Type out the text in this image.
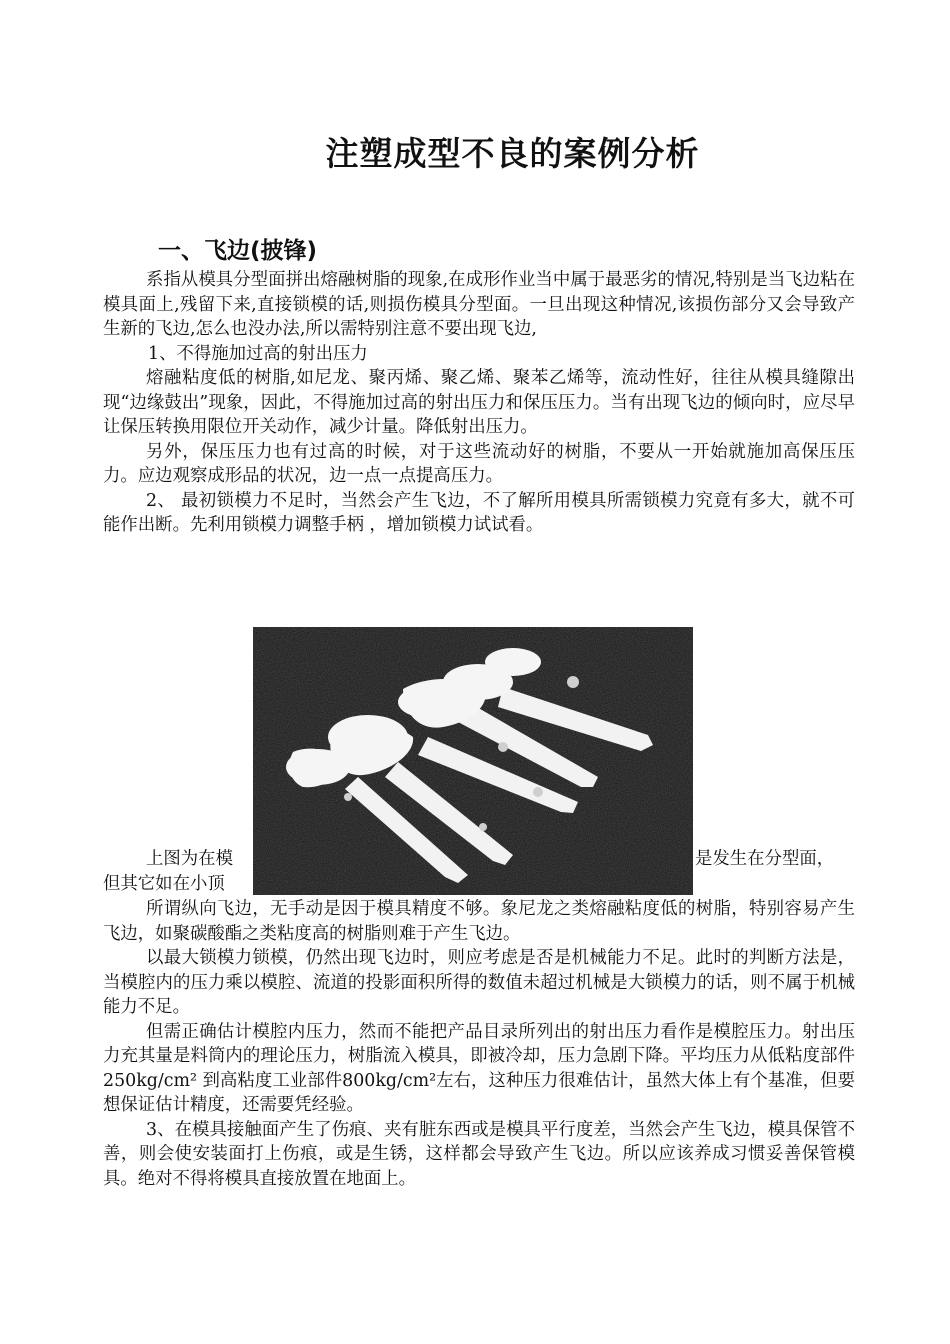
注塑成型不良的案例分析
一、飞边(披锋)

系指从模具分型面拼出熔融树脂的现象,在成形作业当中属于最恶劣的情况,特别是当飞边粘在模具面上,残留下来,直接锁模的话,则损伤模具分型面。一旦出现这种情况,该损伤部分又会导致产生新的飞边,怎么也没办法,所以需特别注意不要出现飞边,

1、不得施加过高的射出压力

熔融粘度低的树脂,如尼龙、聚丙烯、聚乙烯、聚苯乙烯等，流动性好，往往从模具缝隙出现“边缘鼓出”现象，因此，不得施加过高的射出压力和保压压力。当有出现飞边的倾向时，应尽早让保压转换用限位开关动作，减少计量。降低射出压力。

另外，保压压力也有过高的时候，对于这些流动好的树脂，不要从一开始就施加高保压压力。应边观察成形品的状况，边一点一点提高压力。

2、 最初锁模力不足时，当然会产生飞边，不了解所用模具所需锁模力究竟有多大，就不可能作出断。先利用锁模力调整手柄 ，增加锁模力试试看。

上图为在模	是发生在分型面，
但其它如在小顶

所谓纵向飞边，无手动是因于模具精度不够。象尼龙之类熔融粘度低的树脂，特别容易产生飞边，如聚碳酸酯之类粘度高的树脂则难于产生飞边。

以最大锁模力锁模，仍然出现飞边时，则应考虑是否是机械能力不足。此时的判断方法是，当模腔内的压力乘以模腔、流道的投影面积所得的数值未超过机械是大锁模力的话，则不属于机械能力不足。

但需正确估计模腔内压力，然而不能把产品目录所列出的射出压力看作是模腔压力。射出压力充其量是料筒内的理论压力，树脂流入模具，即被冷却，压力急剧下降。平均压力从低粘度部件 250kg/cm² 到高粘度工业部件800kg/cm²左右，这种压力很难估计，虽然大体上有个基准，但要想保证估计精度，还需要凭经验。

3、在模具接触面产生了伤痕、夹有脏东西或是模具平行度差，当然会产生飞边，模具保管不善，则会使安装面打上伤痕，或是生锈，这样都会导致产生飞边。所以应该养成习惯妥善保管模具。绝对不得将模具直接放置在地面上。
